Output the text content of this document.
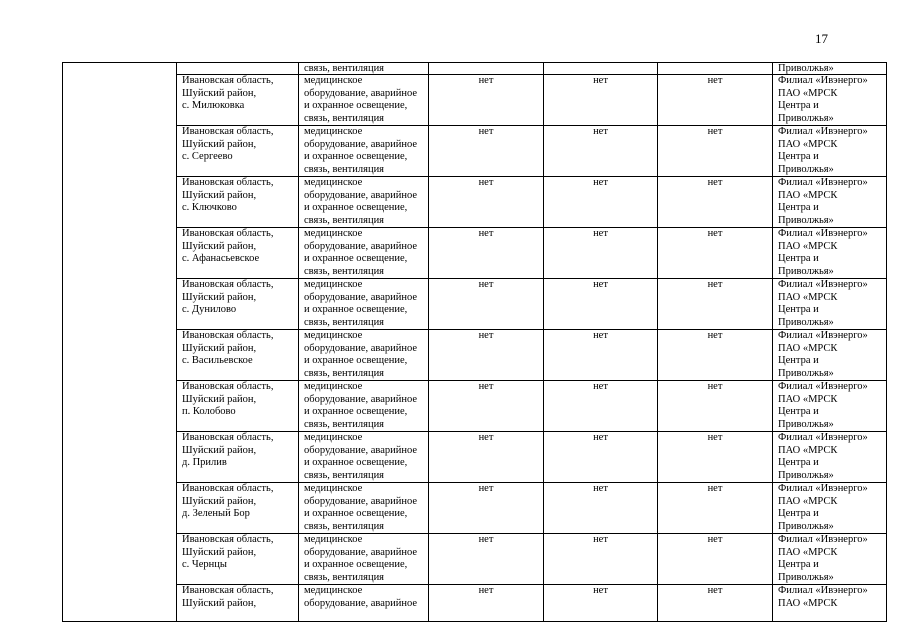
17
		связь, вентиляция				Приволжья»

	Ивановская область,
Шуйский район,
с. Милюковка	медицинское
оборудование, аварийное
и охранное освещение,
связь, вентиляция	нет	нет	нет	Филиал «Ивэнерго»
ПАО «МРСК
Центра и
Приволжья»

	Ивановская область,
Шуйский район,
с. Сергеево	медицинское
оборудование, аварийное
и охранное освещение,
связь, вентиляция	нет	нет	нет	Филиал «Ивэнерго»
ПАО «МРСК
Центра и
Приволжья»

	Ивановская область,
Шуйский район,
с. Ключково	медицинское
оборудование, аварийное
и охранное освещение,
связь, вентиляция	нет	нет	нет	Филиал «Ивэнерго»
ПАО «МРСК
Центра и
Приволжья»

	Ивановская область,
Шуйский район,
с. Афанасьевское	медицинское
оборудование, аварийное
и охранное освещение,
связь, вентиляция	нет	нет	нет	Филиал «Ивэнерго»
ПАО «МРСК
Центра и
Приволжья»

	Ивановская область,
Шуйский район,
с. Дунилово	медицинское
оборудование, аварийное
и охранное освещение,
связь, вентиляция	нет	нет	нет	Филиал «Ивэнерго»
ПАО «МРСК
Центра и
Приволжья»

	Ивановская область,
Шуйский район,
с. Васильевское	медицинское
оборудование, аварийное
и охранное освещение,
связь, вентиляция	нет	нет	нет	Филиал «Ивэнерго»
ПАО «МРСК
Центра и
Приволжья»

	Ивановская область,
Шуйский район,
п. Колобово	медицинское
оборудование, аварийное
и охранное освещение,
связь, вентиляция	нет	нет	нет	Филиал «Ивэнерго»
ПАО «МРСК
Центра и
Приволжья»

	Ивановская область,
Шуйский район,
д. Прилив	медицинское
оборудование, аварийное
и охранное освещение,
связь, вентиляция	нет	нет	нет	Филиал «Ивэнерго»
ПАО «МРСК
Центра и
Приволжья»

	Ивановская область,
Шуйский район,
д. Зеленый Бор	медицинское
оборудование, аварийное
и охранное освещение,
связь, вентиляция	нет	нет	нет	Филиал «Ивэнерго»
ПАО «МРСК
Центра и
Приволжья»

	Ивановская область,
Шуйский район,
с. Чернцы	медицинское
оборудование, аварийное
и охранное освещение,
связь, вентиляция	нет	нет	нет	Филиал «Ивэнерго»
ПАО «МРСК
Центра и
Приволжья»

	Ивановская область,
Шуйский район,	медицинское
оборудование, аварийное	нет	нет	нет	Филиал «Ивэнерго»
ПАО «МРСК
